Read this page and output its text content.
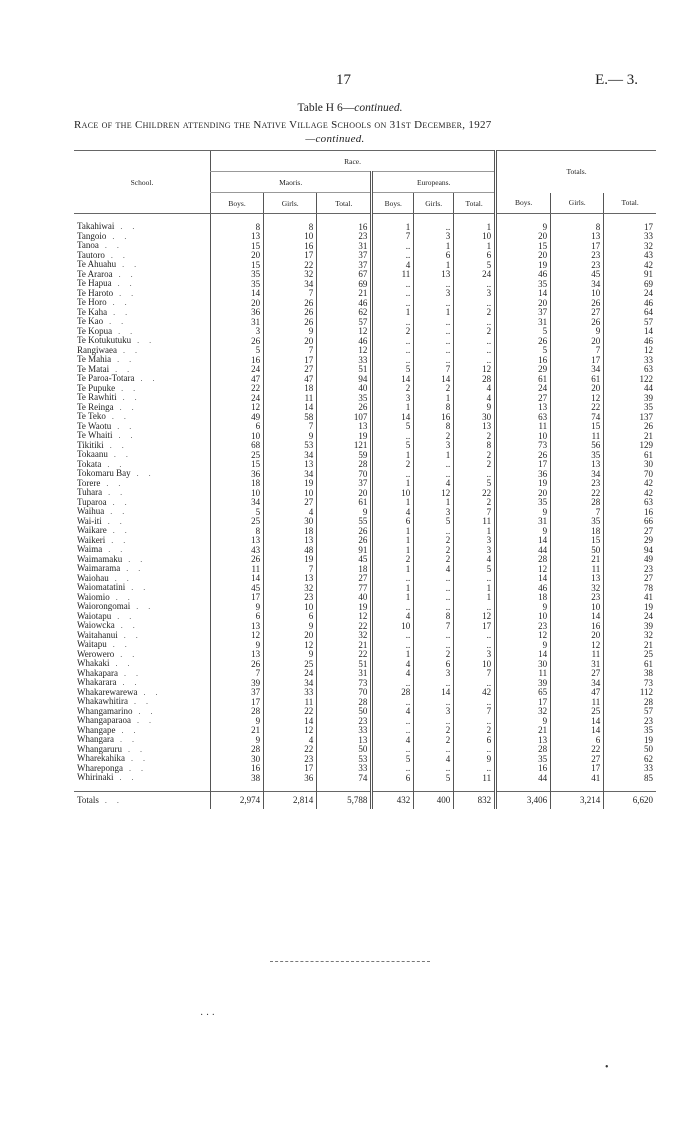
17	E.— 3.
Table H 6—continued.
Race of the Children attending the Native Village Schools on 31st December, 1927
—continued.
School.	Race.						Totals.		
	Maoris.			Europeans.					
	Boys.	Girls.	Total.	Boys.	Girls.	Total.	Boys.	Girls.	Total.

Takahiwai . .	8	8	16	1	..	1	9	8	17
Tangoio . .	13	10	23	7	3	10	20	13	33
Tanoa . .	15	16	31	..	1	1	15	17	32
Tautoro . .	20	17	37	..	6	6	20	23	43
Te Ahuahu . .	15	22	37	4	1	5	19	23	42
Te Araroa . .	35	32	67	11	13	24	46	45	91
Te Hapua . .	35	34	69	..	..	..	35	34	69
Te Haroto . .	14	7	21	..	3	3	14	10	24
Te Horo . .	20	26	46	..	..	..	20	26	46
Te Kaha . .	36	26	62	1	1	2	37	27	64
Te Kao . .	31	26	57	..	..	..	31	26	57
Te Kopua . .	3	9	12	2	..	2	5	9	14
Te Kotukutuku . .	26	20	46	..	..	..	26	20	46
Rangiwaea . .	5	7	12	..	..	..	5	7	12
Te Mahia . .	16	17	33	..	..	..	16	17	33
Te Matai . .	24	27	51	5	7	12	29	34	63
Te Paroa-Totara . .	47	47	94	14	14	28	61	61	122
Te Pupuke . .	22	18	40	2	2	4	24	20	44
Te Rawhiti . .	24	11	35	3	1	4	27	12	39
Te Reinga . .	12	14	26	1	8	9	13	22	35
Te Teko . .	49	58	107	14	16	30	63	74	137
Te Waotu . .	6	7	13	5	8	13	11	15	26
Te Whaiti . .	10	9	19	..	2	2	10	11	21
Tikitiki . .	68	53	121	5	3	8	73	56	129
Tokaanu . .	25	34	59	1	1	2	26	35	61
Tokata . .	15	13	28	2	..	2	17	13	30
Tokomaru Bay . .	36	34	70	..	..	..	36	34	70
Torere . .	18	19	37	1	4	5	19	23	42
Tuhara . .	10	10	20	10	12	22	20	22	42
Tuparoa . .	34	27	61	1	1	2	35	28	63
Waihua . .	5	4	9	4	3	7	9	7	16
Wai-iti . .	25	30	55	6	5	11	31	35	66
Waikare . .	8	18	26	1	..	1	9	18	27
Waikeri . .	13	13	26	1	2	3	14	15	29
Waima . .	43	48	91	1	2	3	44	50	94
Waimamaku . .	26	19	45	2	2	4	28	21	49
Waimarama . .	11	7	18	1	4	5	12	11	23
Waiohau . .	14	13	27	..	..	..	14	13	27
Waiomatatini . .	45	32	77	1	..	1	46	32	78
Waiomio . .	17	23	40	1	..	1	18	23	41
Waiorongomai . .	9	10	19	..	..	..	9	10	19
Waiotapu . .	6	6	12	4	8	12	10	14	24
Waiowcka . .	13	9	22	10	7	17	23	16	39
Waitahanui . .	12	20	32	..	..	..	12	20	32
Waitapu . .	9	12	21	..	..	..	9	12	21
Werowero . .	13	9	22	1	2	3	14	11	25
Whakaki . .	26	25	51	4	6	10	30	31	61
Whakapara . .	7	24	31	4	3	7	11	27	38
Whakarara . .	39	34	73	..	..	..	39	34	73
Whakarewarewa . .	37	33	70	28	14	42	65	47	112
Whakawhitira . .	17	11	28	..	..	..	17	11	28
Whangamarino . .	28	22	50	4	3	7	32	25	57
Whangaparaoa . .	9	14	23	..	..	..	9	14	23
Whangape . .	21	12	33	..	2	2	21	14	35
Whangara . .	9	4	13	4	2	6	13	6	19
Whangaruru . .	28	22	50	..	..	..	28	22	50
Wharekahika . .	30	23	53	5	4	9	35	27	62
Whareponga . .	16	17	33	..	..	..	16	17	33
Whirinaki . .	38	36	74	6	5	11	44	41	85

Totals . .	2,974	2,814	5,788	432	400	832	3,406	3,214	6,620
· · ·
•
